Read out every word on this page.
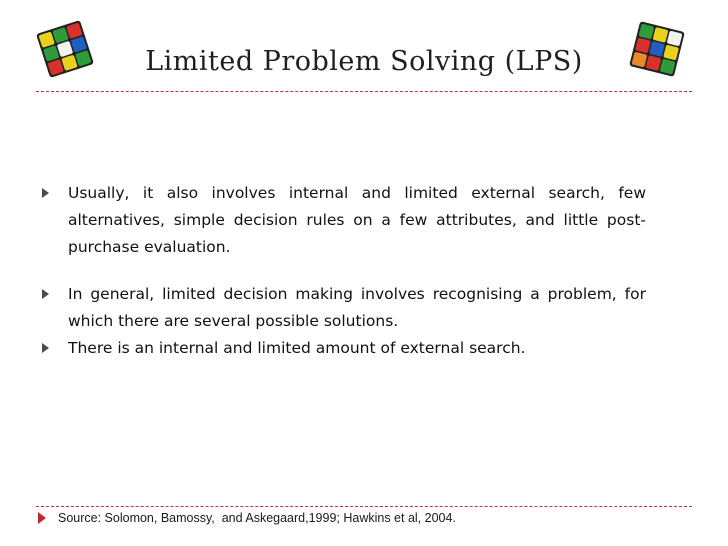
Limited Problem Solving (LPS)
Usually, it also involves internal and limited external search, few alternatives, simple decision rules on a few attributes, and little post-purchase evaluation.
In general, limited decision making involves recognising a problem, for which there are several possible solutions.
There is an internal and limited amount of external search.
Source: Solomon, Bamossy,  and Askegaard,1999; Hawkins et al, 2004.
